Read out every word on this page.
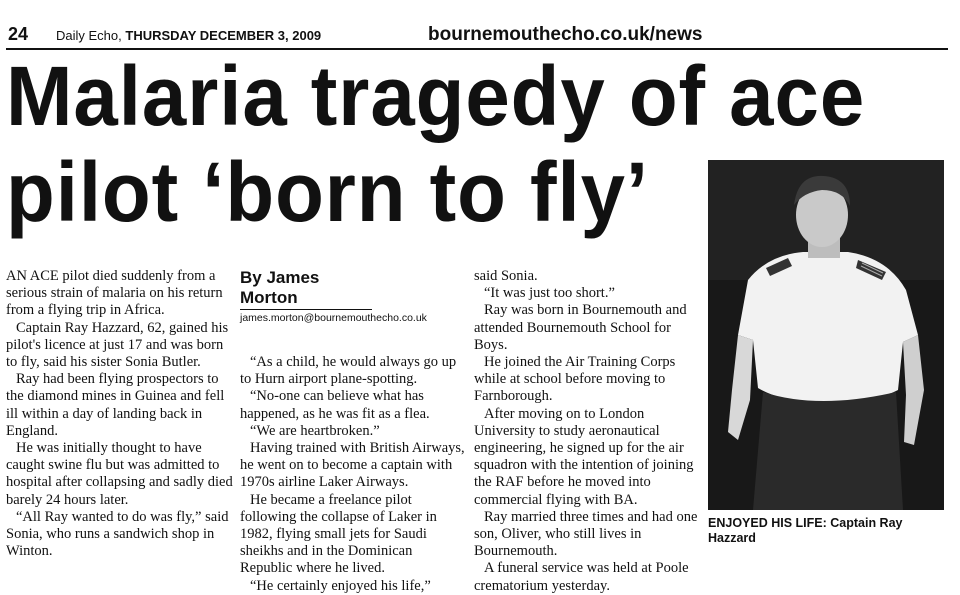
24 Daily Echo, THURSDAY DECEMBER 3, 2009	bournemouthecho.co.uk/news
Malaria tragedy of ace
pilot ‘born to fly’

AN ACE pilot died suddenly from a serious strain of malaria on his return from a flying trip in Africa.

Captain Ray Hazzard, 62, gained his pilot's licence at just 17 and was born to fly, said his sister Sonia Butler.

Ray had been flying prospectors to the diamond mines in Guinea and fell ill within a day of landing back in England.

He was initially thought to have caught swine flu but was admitted to hospital after collapsing and sadly died barely 24 hours later.

“All Ray wanted to do was fly,” said Sonia, who runs a sandwich shop in Winton.

By James Morton
james.morton@bournemouthecho.co.uk

“As a child, he would always go up to Hurn airport plane-spotting.

“No-one can believe what has happened, as he was fit as a flea.

“We are heartbroken.”

Having trained with British Airways, he went on to become a captain with 1970s airline Laker Airways.

He became a freelance pilot following the collapse of Laker in 1982, flying small jets for Saudi sheikhs and in the Dominican Republic where he lived.

“He certainly enjoyed his life,”

said Sonia.

“It was just too short.”

Ray was born in Bournemouth and attended Bournemouth School for Boys.

He joined the Air Training Corps while at school before moving to Farnborough.

After moving on to London University to study aeronautical engineering, he signed up for the air squadron with the intention of joining the RAF before he moved into commercial flying with BA.

Ray married three times and had one son, Oliver, who still lives in Bournemouth.

A funeral service was held at Poole crematorium yesterday.

ENJOYED HIS LIFE: Captain Ray Hazzard
